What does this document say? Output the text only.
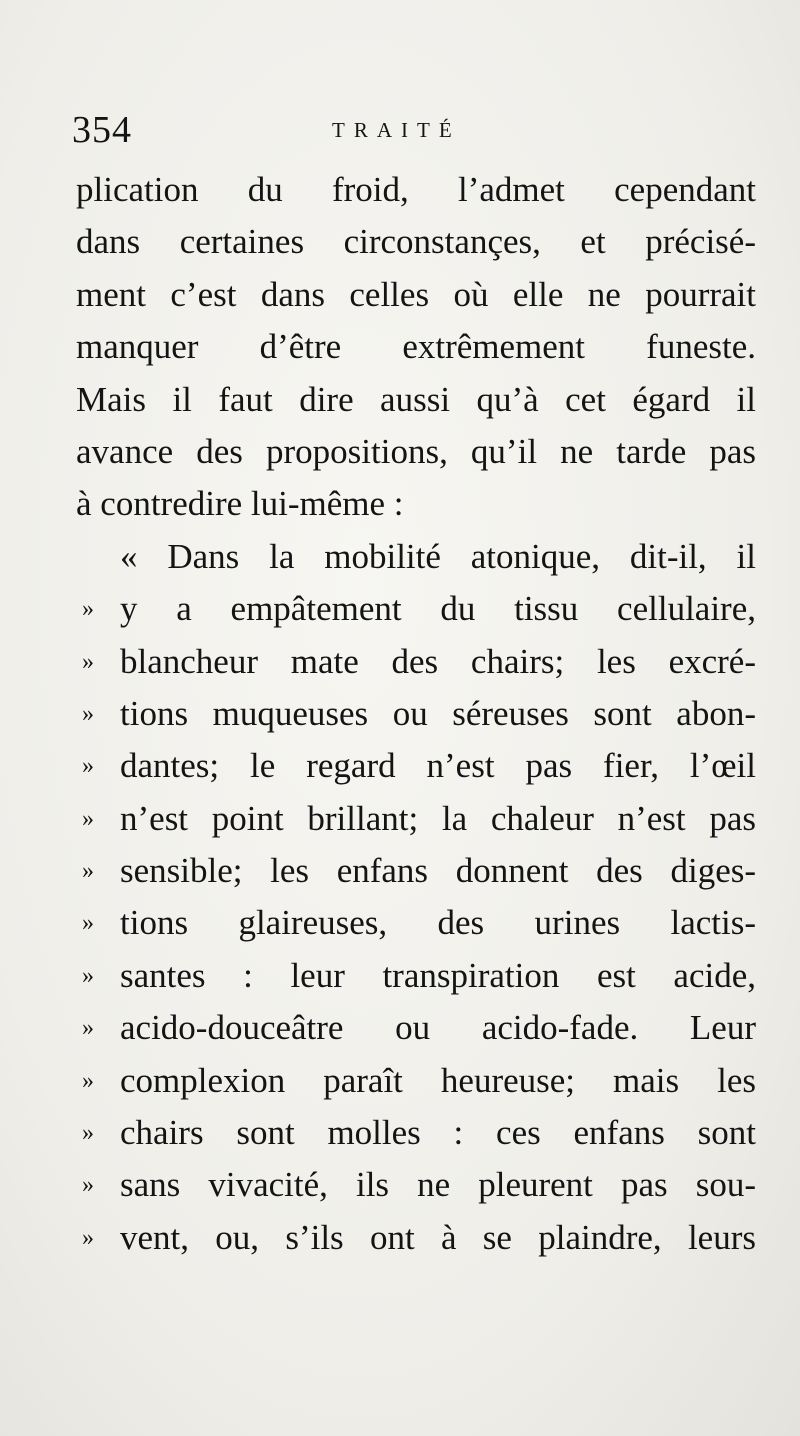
354	TRAITÉ
plication du froid, l’admet cependant
dans certaines circonstançes, et précisé-
ment c’est dans celles où elle ne pourrait
manquer d’être extrêmement funeste.
Mais il faut dire aussi qu’à cet égard il
avance des propositions, qu’il ne tarde pas
à contredire lui-même :
« Dans la mobilité atonique, dit-il, il
» y a empâtement du tissu cellulaire,
» blancheur mate des chairs; les excré-
» tions muqueuses ou séreuses sont abon-
» dantes; le regard n’est pas fier, l’œil
» n’est point brillant; la chaleur n’est pas
» sensible; les enfans donnent des diges-
» tions glaireuses, des urines lactis-
» santes : leur transpiration est acide,
» acido-douceâtre ou acido-fade. Leur
» complexion paraît heureuse; mais les
» chairs sont molles : ces enfans sont
» sans vivacité, ils ne pleurent pas sou-
» vent, ou, s’ils ont à se plaindre, leurs
